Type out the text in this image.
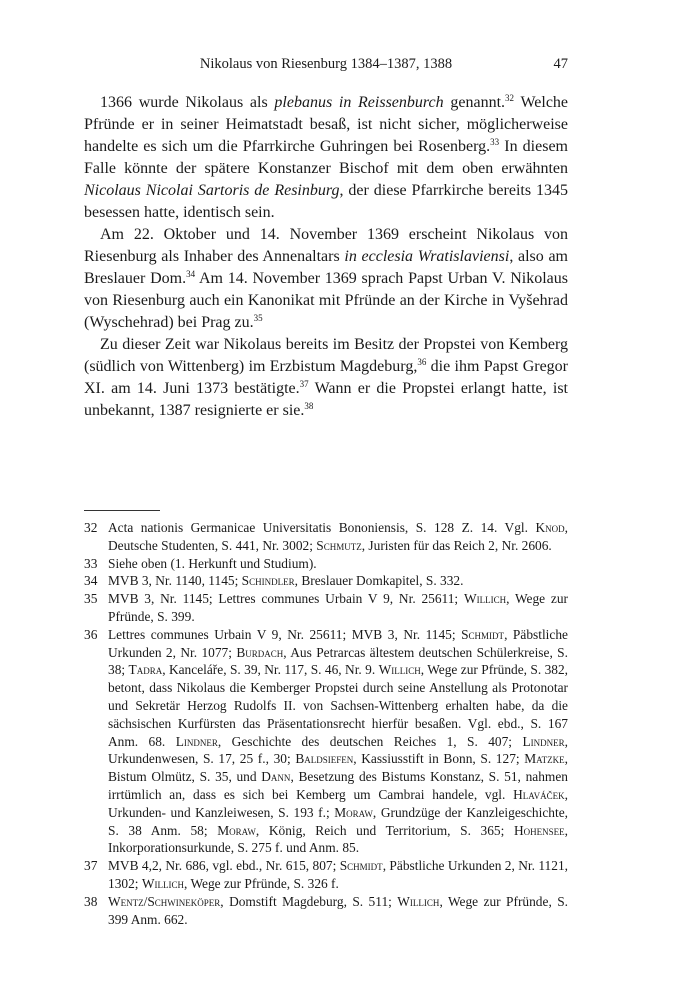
Nikolaus von Riesenburg 1384–1387, 1388	47

1366 wurde Nikolaus als plebanus in Reissenburch genannt.$^{32}$ Welche Pfründe er in seiner Heimatstadt besaß, ist nicht sicher, möglicherweise handelte es sich um die Pfarrkirche Guhringen bei Rosenberg.$^{33}$ In diesem Falle könnte der spätere Konstanzer Bischof mit dem oben erwähnten Nicolaus Nicolai Sartoris de Resinburg, der diese Pfarrkirche bereits 1345 besessen hatte, identisch sein.

Am 22. Oktober und 14. November 1369 erscheint Nikolaus von Riesenburg als Inhaber des Annenaltars in ecclesia Wratislaviensi, also am Breslauer Dom.$^{34}$ Am 14. November 1369 sprach Papst Urban V. Nikolaus von Riesenburg auch ein Kanonikat mit Pfründe an der Kirche in Vyšehrad (Wyschehrad) bei Prag zu.$^{35}$

Zu dieser Zeit war Nikolaus bereits im Besitz der Propstei von Kemberg (südlich von Wittenberg) im Erzbistum Magdeburg,$^{36}$ die ihm Papst Gregor XI. am 14. Juni 1373 bestätigte.$^{37}$ Wann er die Propstei erlangt hatte, ist unbekannt, 1387 resignierte er sie.$^{38}$

32 Acta nationis Germanicae Universitatis Bononiensis, S. 128 Z. 14. Vgl. Knod, Deutsche Studenten, S. 441, Nr. 3002; Schmutz, Juristen für das Reich 2, Nr. 2606.
33 Siehe oben (1. Herkunft und Studium).
34 MVB 3, Nr. 1140, 1145; Schindler, Breslauer Domkapitel, S. 332.
35 MVB 3, Nr. 1145; Lettres communes Urbain V 9, Nr. 25611; Willich, Wege zur Pfründe, S. 399.
36 Lettres communes Urbain V 9, Nr. 25611; MVB 3, Nr. 1145; Schmidt, Päbstliche Urkunden 2, Nr. 1077; Burdach, Aus Petrarcas ältestem deutschen Schülerkreise, S. 38; Tadra, Kanceláře, S. 39, Nr. 117, S. 46, Nr. 9. Willich, Wege zur Pfründe, S. 382, betont, dass Nikolaus die Kemberger Propstei durch seine Anstellung als Protonotar und Sekretär Herzog Rudolfs II. von Sachsen-Wittenberg erhalten habe, da die sächsischen Kurfürsten das Präsentationsrecht hierfür besaßen. Vgl. ebd., S. 167 Anm. 68. Lindner, Geschichte des deutschen Reiches 1, S. 407; Lindner, Urkundenwesen, S. 17, 25 f., 30; Baldsiefen, Kassiusstift in Bonn, S. 127; Matzke, Bistum Olmütz, S. 35, und Dann, Besetzung des Bistums Konstanz, S. 51, nahmen irrtümlich an, dass es sich bei Kemberg um Cambrai handele, vgl. Hlaváček, Urkunden- und Kanzleiwesen, S. 193 f.; Moraw, Grundzüge der Kanzleigeschichte, S. 38 Anm. 58; Moraw, König, Reich und Territorium, S. 365; Hohensee, Inkorporationsurkunde, S. 275 f. und Anm. 85.
37 MVB 4,2, Nr. 686, vgl. ebd., Nr. 615, 807; Schmidt, Päbstliche Urkunden 2, Nr. 1121, 1302; Willich, Wege zur Pfründe, S. 326 f.
38 Wentz/Schwineköper, Domstift Magdeburg, S. 511; Willich, Wege zur Pfründe, S. 399 Anm. 662.
